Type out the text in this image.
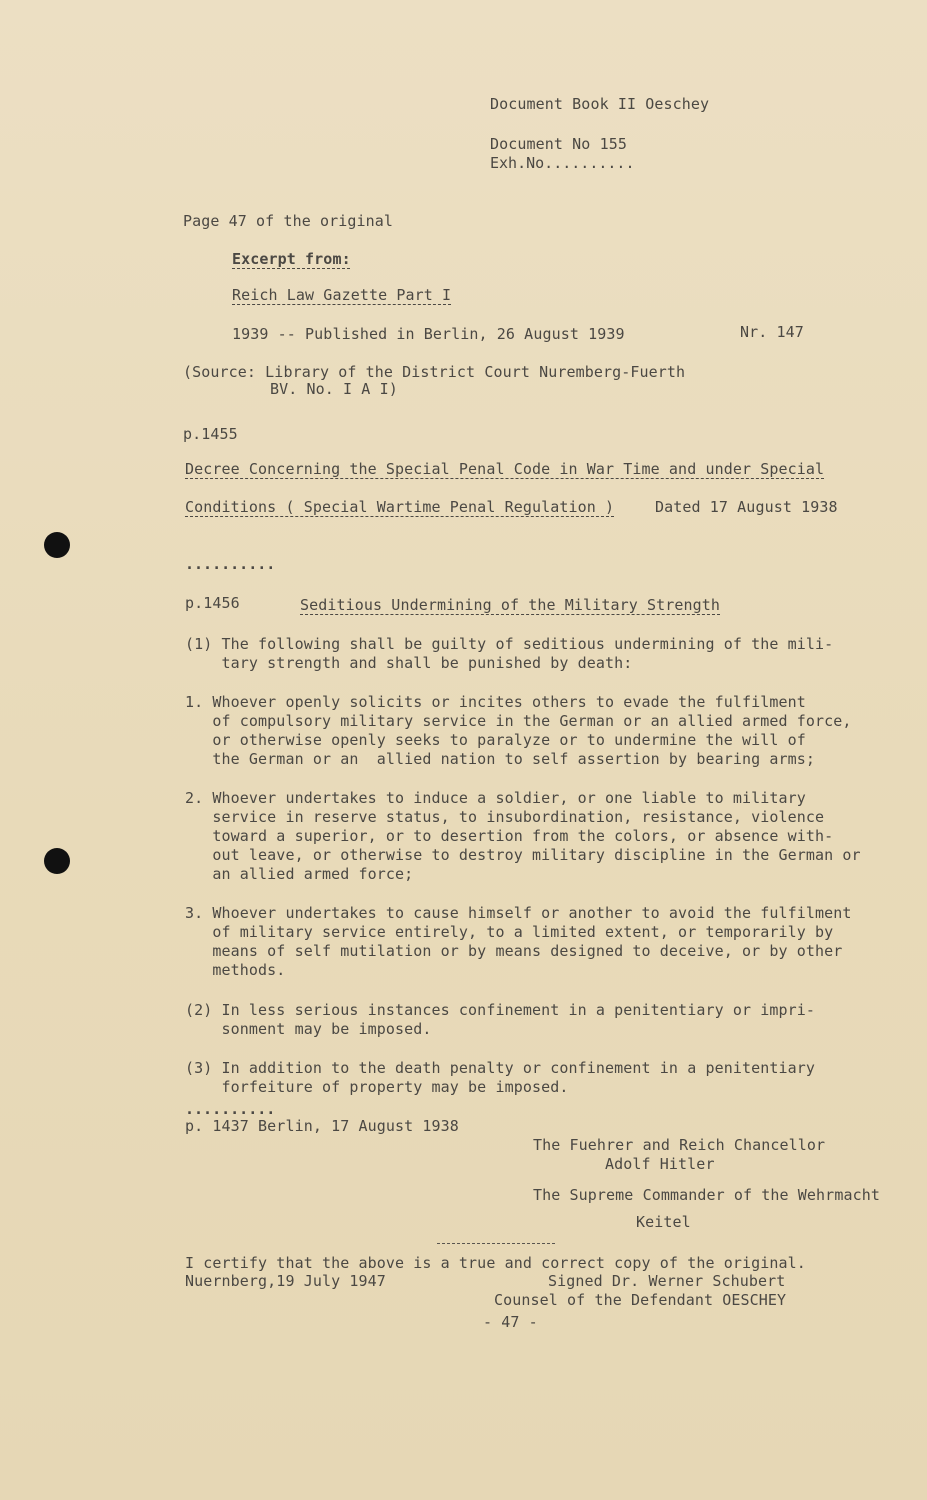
Document Book II Oeschey
Document No 155
Exh.No..........
Page 47 of the original
Excerpt from:
Reich Law Gazette Part I
1939 -- Published in Berlin, 26 August 1939	Nr. 147
(Source: Library of the District Court Nuremberg-Fuerth
BV. No. I A I)
p.1455
Decree Concerning the Special Penal Code in War Time and under Special
Conditions ( Special Wartime Penal Regulation )	Dated 17 August 1938
..........
p.1456	Seditious Undermining of the Military Strength
(1) The following shall be guilty of seditious undermining of the mili-
tary strength and shall be punished by death:
1. Whoever openly solicits or incites others to evade the fulfilment
of compulsory military service in the German or an allied armed force,
or otherwise openly seeks to paralyze or to undermine the will of
the German or an  allied nation to self assertion by bearing arms;
2. Whoever undertakes to induce a soldier, or one liable to military
service in reserve status, to insubordination, resistance, violence
toward a superior, or to desertion from the colors, or absence with-
out leave, or otherwise to destroy military discipline in the German or
an allied armed force;
3. Whoever undertakes to cause himself or another to avoid the fulfilment
of military service entirely, to a limited extent, or temporarily by
means of self mutilation or by means designed to deceive, or by other
methods.
(2) In less serious instances confinement in a penitentiary or impri-
sonment may be imposed.
(3) In addition to the death penalty or confinement in a penitentiary
forfeiture of property may be imposed.
..........
p. 1437 Berlin, 17 August 1938
The Fuehrer and Reich Chancellor
Adolf Hitler
The Supreme Commander of the Wehrmacht
Keitel
I certify that the above is a true and correct copy of the original.
Nuernberg,19 July 1947	Signed Dr. Werner Schubert
Counsel of the Defendant OESCHEY
- 47 -
